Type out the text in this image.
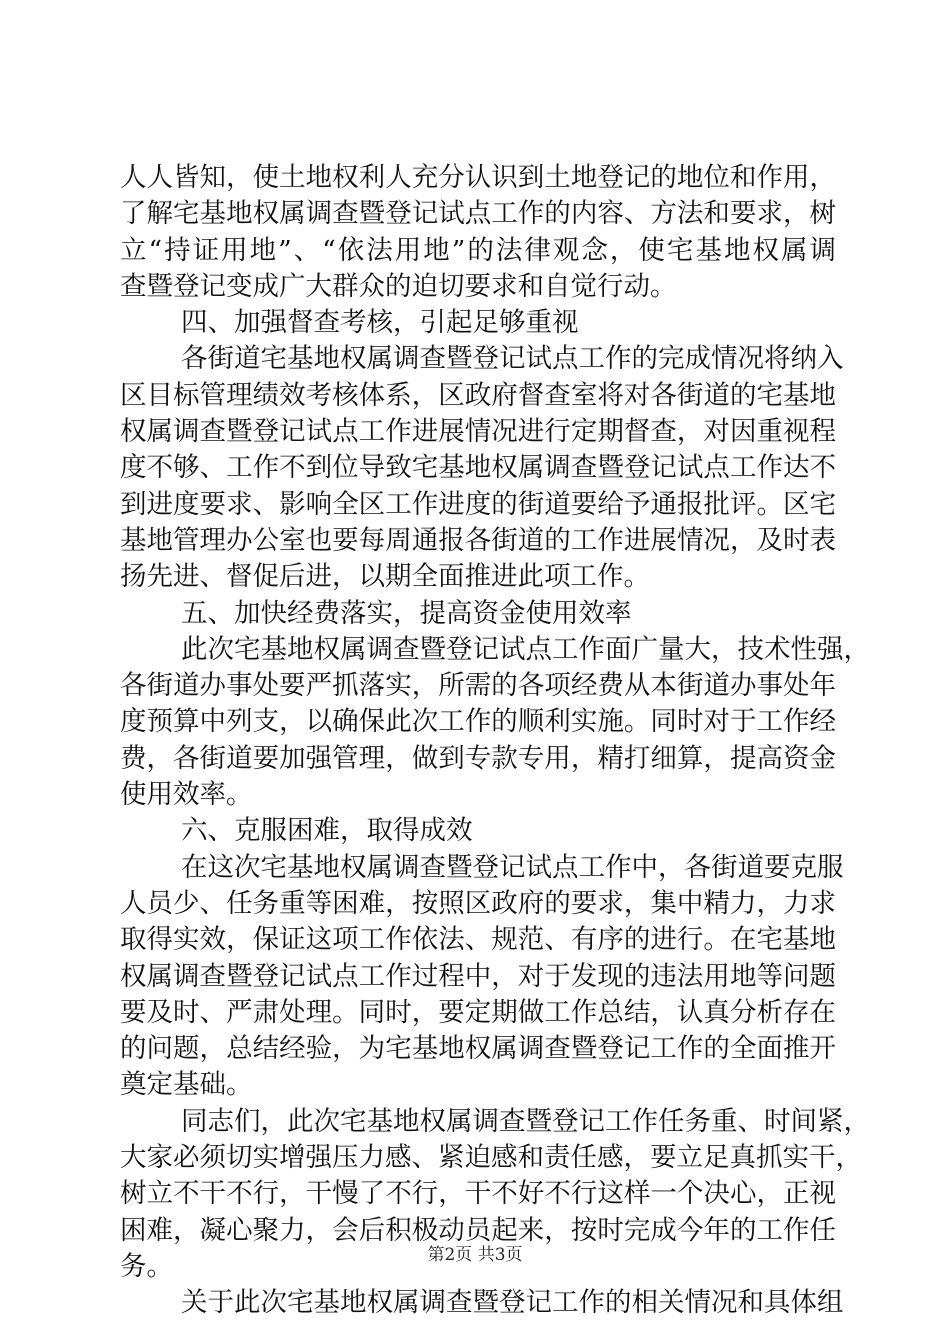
人人皆知，使土地权利人充分认识到土地登记的地位和作用，
了解宅基地权属调查暨登记试点工作的内容、方法和要求，树
立“持证用地”、“依法用地”的法律观念，使宅基地权属调
查暨登记变成广大群众的迫切要求和自觉行动。
四、加强督查考核，引起足够重视
各街道宅基地权属调查暨登记试点工作的完成情况将纳入
区目标管理绩效考核体系，区政府督查室将对各街道的宅基地
权属调查暨登记试点工作进展情况进行定期督查，对因重视程
度不够、工作不到位导致宅基地权属调查暨登记试点工作达不
到进度要求、影响全区工作进度的街道要给予通报批评。区宅
基地管理办公室也要每周通报各街道的工作进展情况，及时表
扬先进、督促后进，以期全面推进此项工作。
五、加快经费落实，提高资金使用效率
此次宅基地权属调查暨登记试点工作面广量大，技术性强，
各街道办事处要严抓落实，所需的各项经费从本街道办事处年
度预算中列支，以确保此次工作的顺利实施。同时对于工作经
费，各街道要加强管理，做到专款专用，精打细算，提高资金
使用效率。
六、克服困难，取得成效
在这次宅基地权属调查暨登记试点工作中，各街道要克服
人员少、任务重等困难，按照区政府的要求，集中精力，力求
取得实效，保证这项工作依法、规范、有序的进行。在宅基地
权属调查暨登记试点工作过程中，对于发现的违法用地等问题
要及时、严肃处理。同时，要定期做工作总结，认真分析存在
的问题，总结经验，为宅基地权属调查暨登记工作的全面推开
奠定基础。
同志们，此次宅基地权属调查暨登记工作任务重、时间紧，
大家必须切实增强压力感、紧迫感和责任感，要立足真抓实干，
树立不干不行，干慢了不行，干不好不行这样一个决心，正视
困难，凝心聚力，会后积极动员起来，按时完成今年的工作任
务。
关于此次宅基地权属调查暨登记工作的相关情况和具体组
第2页 共3页
